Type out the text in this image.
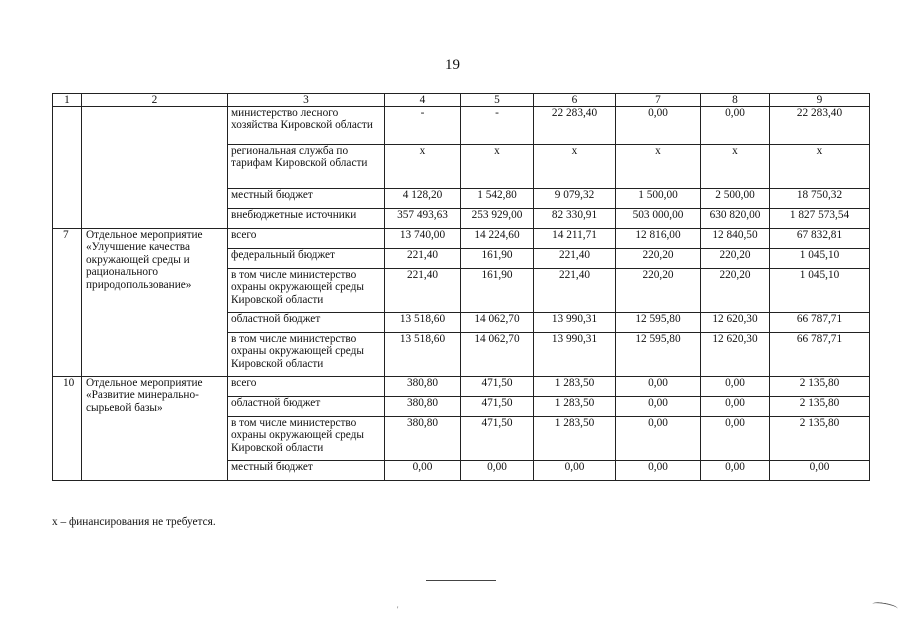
19
1	2	3	4	5	6	7	8	9
		министерство лесного хозяйства Кировской области	-	-	22 283,40	0,00	0,00	22 283,40
		региональная служба по тарифам Кировской области	x	x	x	x	x	x
		местный бюджет	4 128,20	1 542,80	9 079,32	1 500,00	2 500,00	18 750,32
		внебюджетные источники	357 493,63	253 929,00	82 330,91	503 000,00	630 820,00	1 827 573,54
7	Отдельное мероприятие «Улучшение качества окружающей среды и рационального природопользование»	всего	13 740,00	14 224,60	14 211,71	12 816,00	12 840,50	67 832,81
		федеральный бюджет	221,40	161,90	221,40	220,20	220,20	1 045,10
		в том числе министерство охраны окружающей среды Кировской области	221,40	161,90	221,40	220,20	220,20	1 045,10
		областной бюджет	13 518,60	14 062,70	13 990,31	12 595,80	12 620,30	66 787,71
		в том числе министерство охраны окружающей среды Кировской области	13 518,60	14 062,70	13 990,31	12 595,80	12 620,30	66 787,71
10	Отдельное мероприятие «Развитие минерально-сырьевой базы»	всего	380,80	471,50	1 283,50	0,00	0,00	2 135,80
		областной бюджет	380,80	471,50	1 283,50	0,00	0,00	2 135,80
		в том числе министерство охраны окружающей среды Кировской области	380,80	471,50	1 283,50	0,00	0,00	2 135,80
		местный бюджет	0,00	0,00	0,00	0,00	0,00	0,00
x – финансирования не требуется.
'
